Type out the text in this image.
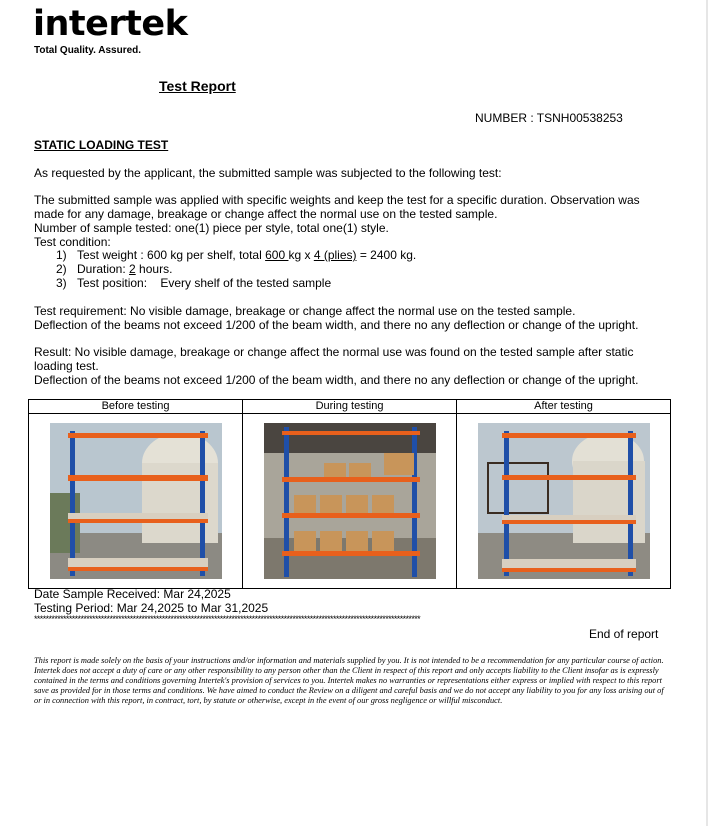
intertek
Total Quality. Assured.
Test Report
NUMBER : TSNH00538253
STATIC LOADING TEST
As requested by the applicant, the submitted sample was subjected to the following test:
The submitted sample was applied with specific weights and keep the test for a specific duration. Observation was
made for any damage, breakage or change affect the normal use on the tested sample.
Number of sample tested: one(1) piece per style, total one(1) style.
Test condition:
1) Test weight : 600 kg per shelf, total 600 kg x 4 (plies) = 2400 kg.
2) Duration: 2 hours.
3) Test position:    Every shelf of the tested sample
Test requirement: No visible damage, breakage or change affect the normal use on the tested sample.
Deflection of the beams not exceed 1/200 of the beam width, and there no any deflection or change of the upright.
Result: No visible damage, breakage or change affect the normal use was found on the tested sample after static
loading test.
Deflection of the beams not exceed 1/200 of the beam width, and there no any deflection or change of the upright.
Before testing	During testing	After testing

Date Sample Received: Mar 24,2025
Testing Period: Mar 24,2025 to Mar 31,2025
*************************************************************************************************************************************
End of report
This report is made solely on the basis of your instructions and/or information and materials supplied by you. It is not intended to be a recommendation for any particular course of action. Intertek does not accept a duty of care or any other responsibility to any person other than the Client in respect of this report and only accepts liability to the Client insofar as is expressly contained in the terms and conditions governing Intertek's provision of services to you. Intertek makes no warranties or representations either express or implied with respect to this report save as provided for in those terms and conditions. We have aimed to conduct the Review on a diligent and careful basis and we do not accept any liability to you for any loss arising out of or in connection with this report, in contract, tort, by statute or otherwise, except in the event of our gross negligence or willful misconduct.
